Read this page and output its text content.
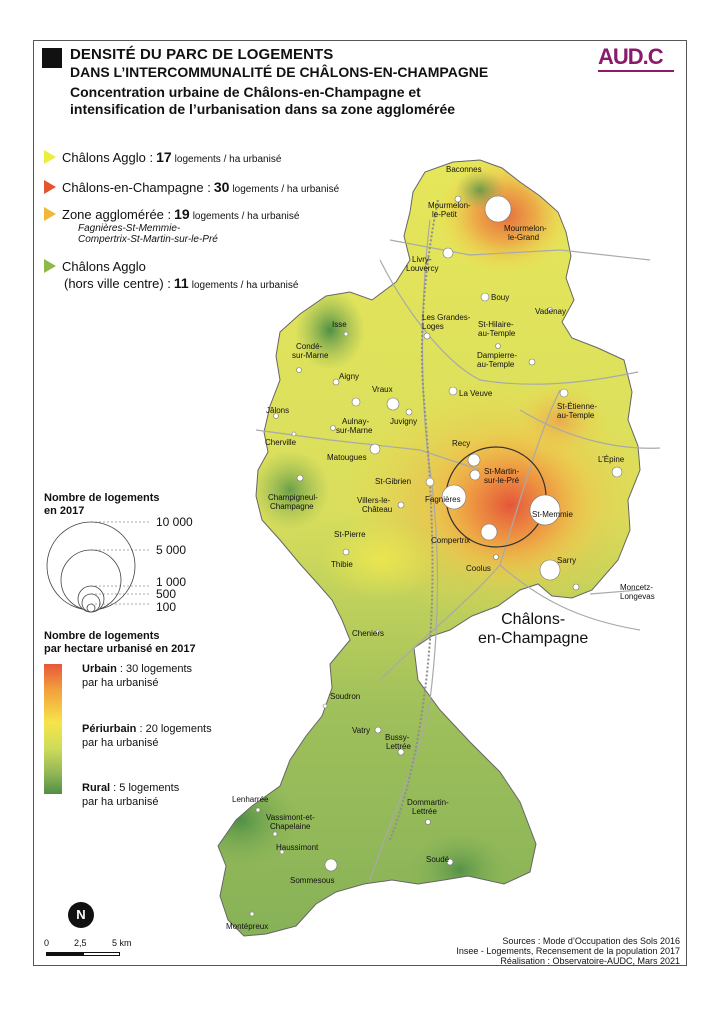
DENSITÉ DU PARC DE LOGEMENTS
DANS L’INTERCOMMUNALITÉ DE CHÂLONS-EN-CHAMPAGNE
Concentration urbaine de Châlons-en-Champagne et
intensification de l’urbanisation dans sa zone agglomérée
AUD.C
Châlons Agglo : 17 logements / ha urbanisé
Châlons-en-Champagne : 30 logements / ha urbanisé
Zone agglomérée : 19 logements / ha urbanisé
Fagnières-St-Memmie-
Compertrix-St-Martin-sur-le-Pré
Châlons Agglo
(hors ville centre) : 11 logements / ha urbanisé
Baconnes
Mourmelon-le-Petit
Mourmelon-le-Grand
Livry-Louvercy
Bouy
Vadenay
Les Grandes-Loges	St-Hilaire-au-Temple
Dampierre-au-Temple
Isse
Condé-sur-Marne
Aigny
Vraux	La Veuve
St-Étienne-au-Temple
Jâlons
Aulnay-sur-Marne
Juvigny
Cherville
Matougues
Recy
L’Épine
St-Martin-sur-le-Pré
St-Gibrien
Fagnières
Champigneul-Champagne
Villers-le-Château
St-Memmie
Compertrix
St-Pierre
Thibie	Coolus
Sarry
Moncetz-Longevas
Cheniers
Soudron
Vatry
Bussy-Lettrée
Lenharrée
Vassimont-et-Chapelaine
Dommartin-Lettrée
Haussimont
Soudé
Sommesous
Montépreux
Nombre de logements
en 2017
10 000
5 000
1 000
500
100
Nombre de logements
par hectare urbanisé en 2017
Urbain : 30 logements
par ha urbanisé
Périurbain : 20 logements
par ha urbanisé
Rural : 5 logements
par ha urbanisé
Châlons-
en-Champagne
N
0	2,5	5 km	Sources : Mode d’Occupation des Sols 2016
Insee - Logements, Recensement de la population 2017
Réalisation : Observatoire-AUDC, Mars 2021
